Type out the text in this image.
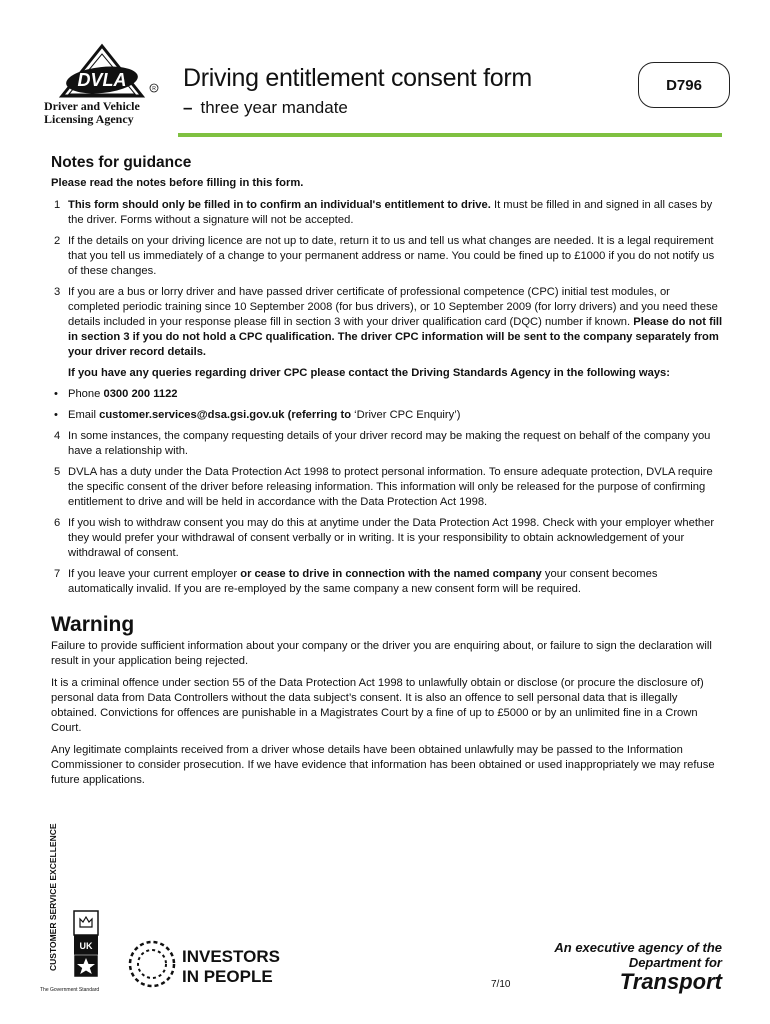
DVLA	R
Driver and Vehicle
Licensing Agency
Driving entitlement consent form
– three year mandate
D796
Notes for guidance

Please read the notes before filling in this form.

1 This form should only be filled in to confirm an individual's entitlement to drive. It must be filled in and signed in all cases by the driver. Forms without a signature will not be accepted.
2 If the details on your driving licence are not up to date, return it to us and tell us what changes are needed. It is a legal requirement that you tell us immediately of a change to your permanent address or name. You could be fined up to £1000 if you do not notify us of these changes.
3 If you are a bus or lorry driver and have passed driver certificate of professional competence (CPC) initial test modules, or completed periodic training since 10 September 2008 (for bus drivers), or 10 September 2009 (for lorry drivers) and you need these details included in your response please fill in section 3 with your driver qualification card (DQC) number if known. Please do not fill in section 3 if you do not hold a CPC qualification. The driver CPC information will be sent to the company separately from your driver record details.
If you have any queries regarding driver CPC please contact the Driving Standards Agency in the following ways:
• Phone 0300 200 1122
• Email customer.services@dsa.gsi.gov.uk (referring to ‘Driver CPC Enquiry’)
4 In some instances, the company requesting details of your driver record may be making the request on behalf of the company you have a relationship with.
5 DVLA has a duty under the Data Protection Act 1998 to protect personal information. To ensure adequate protection, DVLA require the specific consent of the driver before releasing information. This information will only be released for the purpose of confirming entitlement to drive and will be held in accordance with the Data Protection Act 1998.
6 If you wish to withdraw consent you may do this at anytime under the Data Protection Act 1998. Check with your employer whether they would prefer your withdrawal of consent verbally or in writing. It is your responsibility to obtain acknowledgement of your withdrawal of consent.
7 If you leave your current employer or cease to drive in connection with the named company your consent becomes automatically invalid. If you are re-employed by the same company a new consent form will be required.
Warning

Failure to provide sufficient information about your company or the driver you are enquiring about, or failure to sign the declaration will result in your application being rejected.

It is a criminal offence under section 55 of the Data Protection Act 1998 to unlawfully obtain or disclose (or procure the disclosure of) personal data from Data Controllers without the data subject’s consent. It is also an offence to sell personal data that is illegally obtained. Convictions for offences are punishable in a Magistrates Court by a fine of up to £5000 or by an unlimited fine in a Crown Court.

Any legitimate complaints received from a driver whose details have been obtained unlawfully may be passed to the Information Commissioner to consider prosecution. If we have evidence that information has been obtained or used inappropriately we may refuse future applications.

CUSTOMER SERVICE EXCELLENCE UK
The Government Standard
INVESTORS
IN PEOPLE	7/10
An executive agency of the
Department for
Transport
